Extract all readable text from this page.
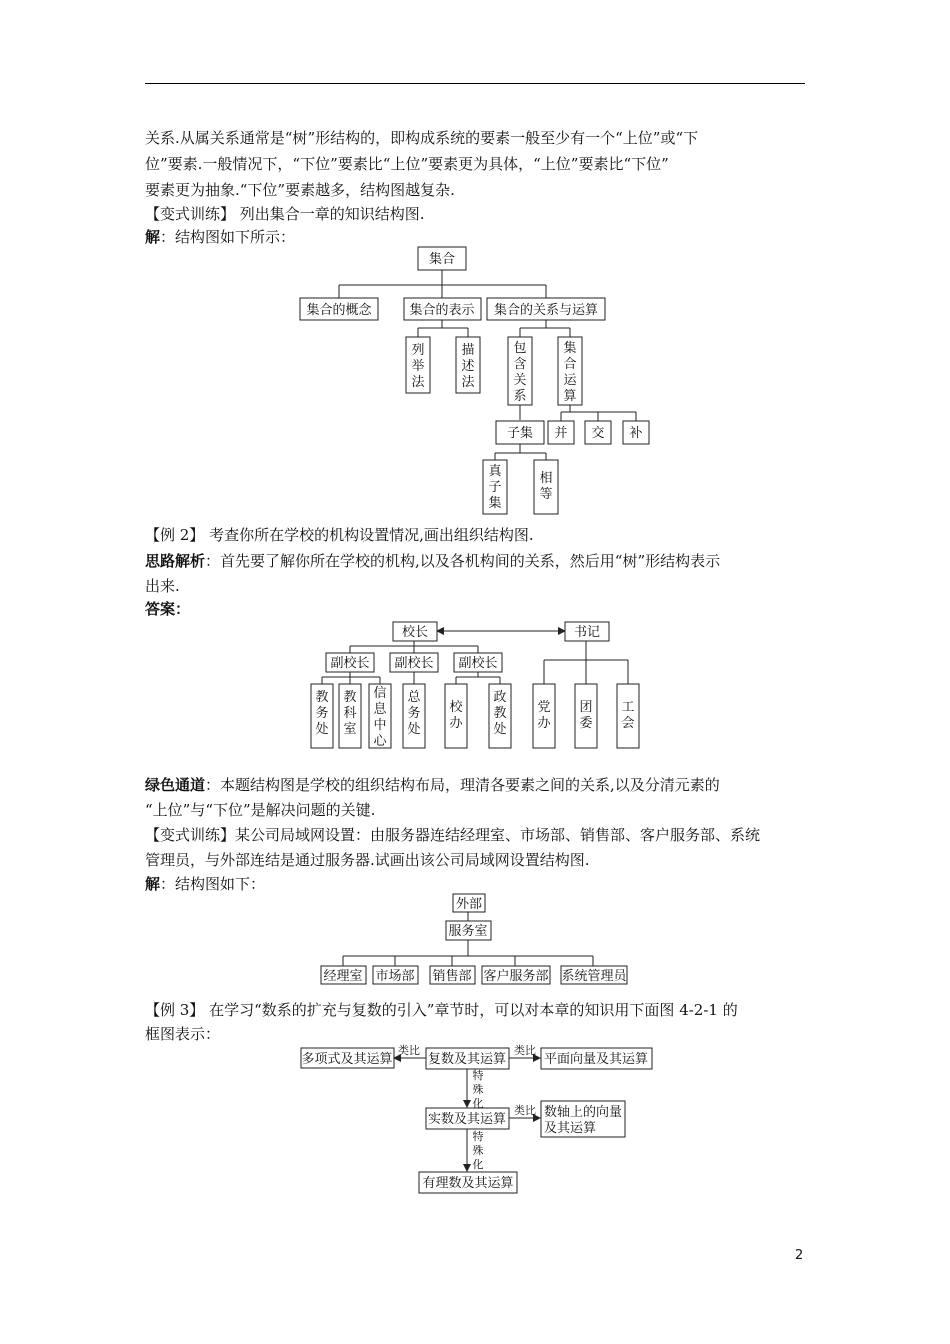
关系.从属关系通常是“树”形结构的，即构成系统的要素一般至少有一个“上位”或“下
位”要素.一般情况下，“下位”要素比“上位”要素更为具体，“上位”要素比“下位”
要素更为抽象.“下位”要素越多，结构图越复杂.
【变式训练】 列出集合一章的知识结构图.
解：结构图如下所示：
【例 2】 考查你所在学校的机构设置情况,画出组织结构图.
思路解析：首先要了解你所在学校的机构,以及各机构间的关系，然后用“树”形结构表示
出来.
答案：
绿色通道：本题结构图是学校的组织结构布局，理清各要素之间的关系,以及分清元素的
“上位”与“下位”是解决问题的关键.
【变式训练】某公司局域网设置：由服务器连结经理室、市场部、销售部、客户服务部、系统
管理员，与外部连结是通过服务器.试画出该公司局域网设置结构图.
解：结构图如下：
【例 3】 在学习“数系的扩充与复数的引入”章节时，可以对本章的知识用下面图 4-2-1 的
框图表示：
集合
集合的概念	集合的表示 集合的关系与运算
列举法
描述法
包含关系
集合运算
子集 并 交 补
真子集
相等
校长	书记
副校长 副校长 副校长
教务处
教科室
信息中心
总务处
校办
政教处
党办
团委
工会
外部
服务室
经理室 市场部 销售部 客户服务部 系统管理员
多项式及其运算	复数及其运算	平面向量及其运算
实数及其运算	数轴上的向量
及其运算
有理数及其运算
类比	类比
类比
特殊化
特殊化
2
